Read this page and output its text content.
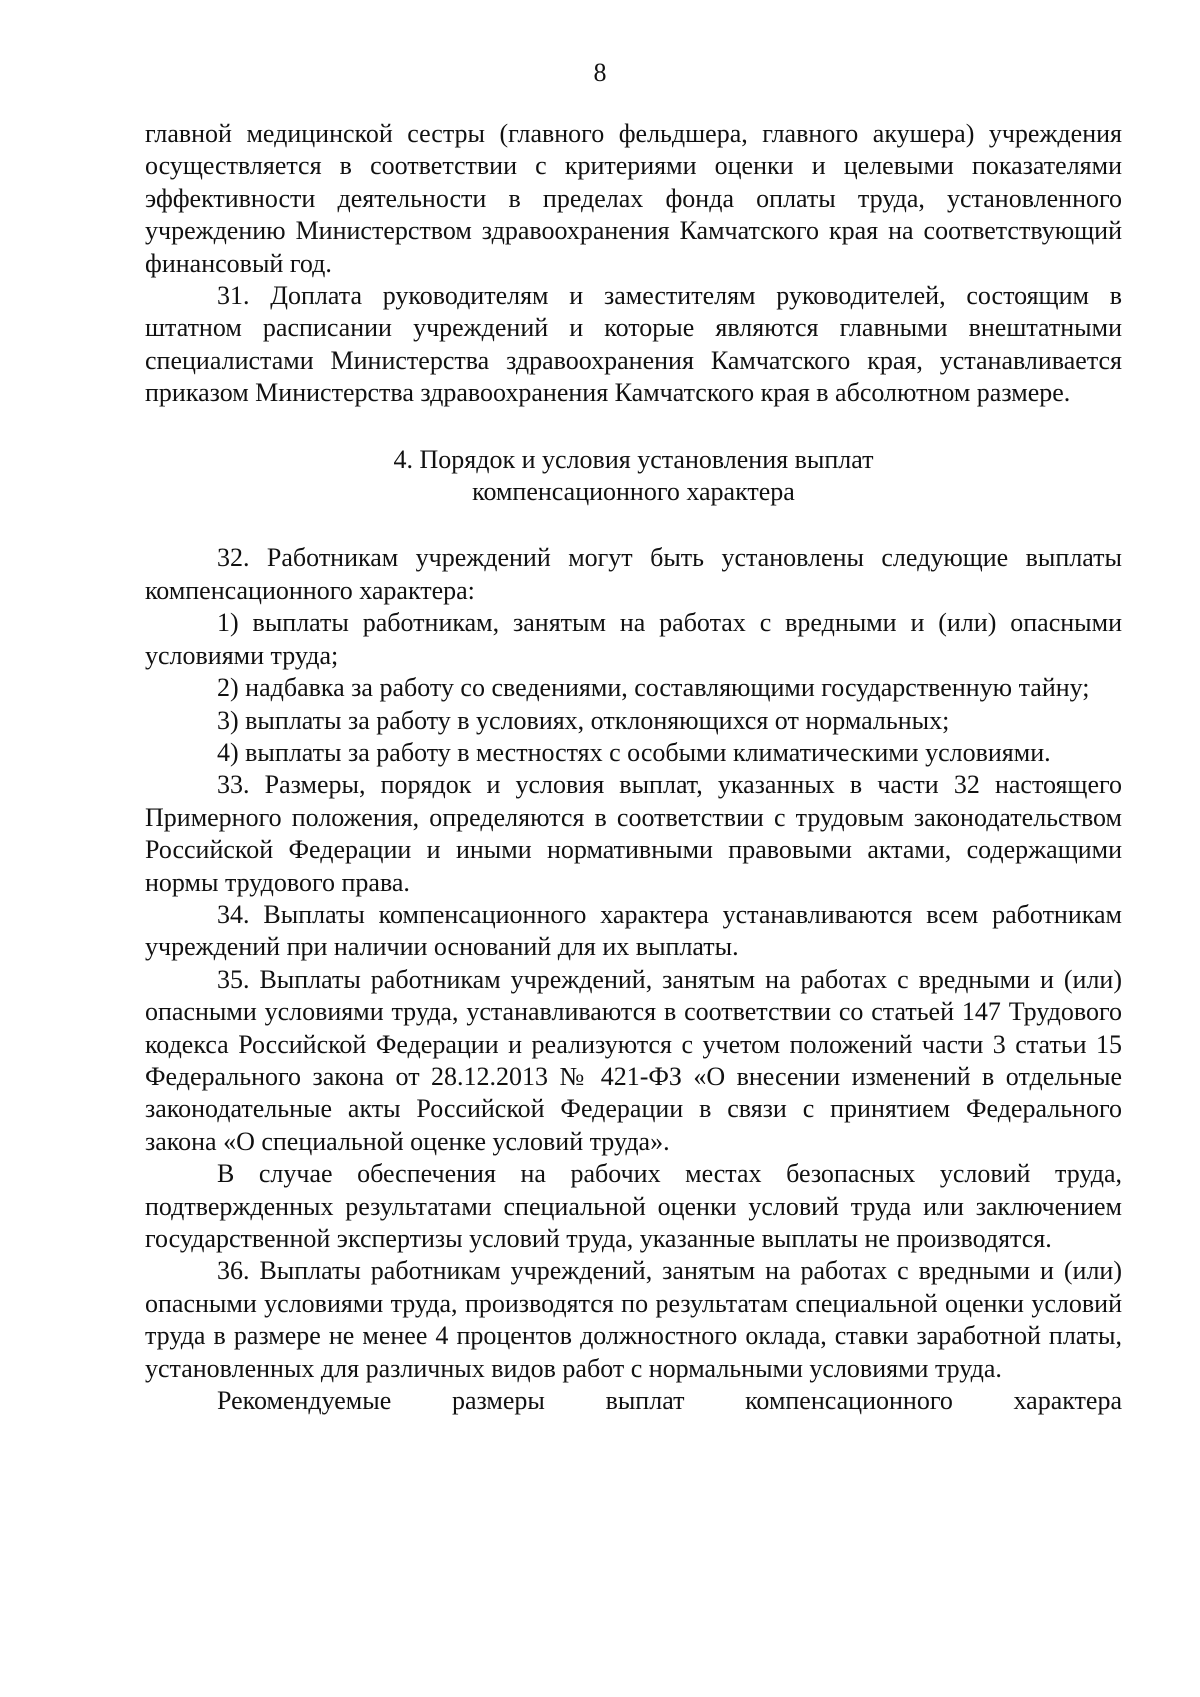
8

главной медицинской сестры (главного фельдшера, главного акушера) учреждения осуществляется в соответствии с критериями оценки и целевыми показателями эффективности деятельности в пределах фонда оплаты труда, установленного учреждению Министерством здравоохранения Камчатского края на соответствующий финансовый год.

31. Доплата руководителям и заместителям руководителей, состоящим в штатном расписании учреждений и которые являются главными внештатными специалистами Министерства здравоохранения Камчатского края, устанавливается приказом Министерства здравоохранения Камчатского края в абсолютном размере.

4. Порядок и условия установления выплат
компенсационного характера

32. Работникам учреждений могут быть установлены следующие выплаты компенсационного характера:

1) выплаты работникам, занятым на работах с вредными и (или) опасными условиями труда;

2) надбавка за работу со сведениями, составляющими государственную тайну;

3) выплаты за работу в условиях, отклоняющихся от нормальных;

4) выплаты за работу в местностях с особыми климатическими условиями.

33. Размеры, порядок и условия выплат, указанных в части 32 настоящего Примерного положения, определяются в соответствии с трудовым законодательством Российской Федерации и иными нормативными правовыми актами, содержащими нормы трудового права.

34. Выплаты компенсационного характера устанавливаются всем работникам учреждений при наличии оснований для их выплаты.

35. Выплаты работникам учреждений, занятым на работах с вредными и (или) опасными условиями труда, устанавливаются в соответствии со статьей 147 Трудового кодекса Российской Федерации и реализуются с учетом положений части 3 статьи 15 Федерального закона от 28.12.2013 № 421-ФЗ «О внесении изменений в отдельные законодательные акты Российской Федерации в связи с принятием Федерального закона «О специальной оценке условий труда».

В случае обеспечения на рабочих местах безопасных условий труда, подтвержденных результатами специальной оценки условий труда или заключением государственной экспертизы условий труда, указанные выплаты не производятся.

36. Выплаты работникам учреждений, занятым на работах с вредными и (или) опасными условиями труда, производятся по результатам специальной оценки условий труда в размере не менее 4 процентов должностного оклада, ставки заработной платы, установленных для различных видов работ с нормальными условиями труда.

Рекомендуемые размеры выплат компенсационного характера
